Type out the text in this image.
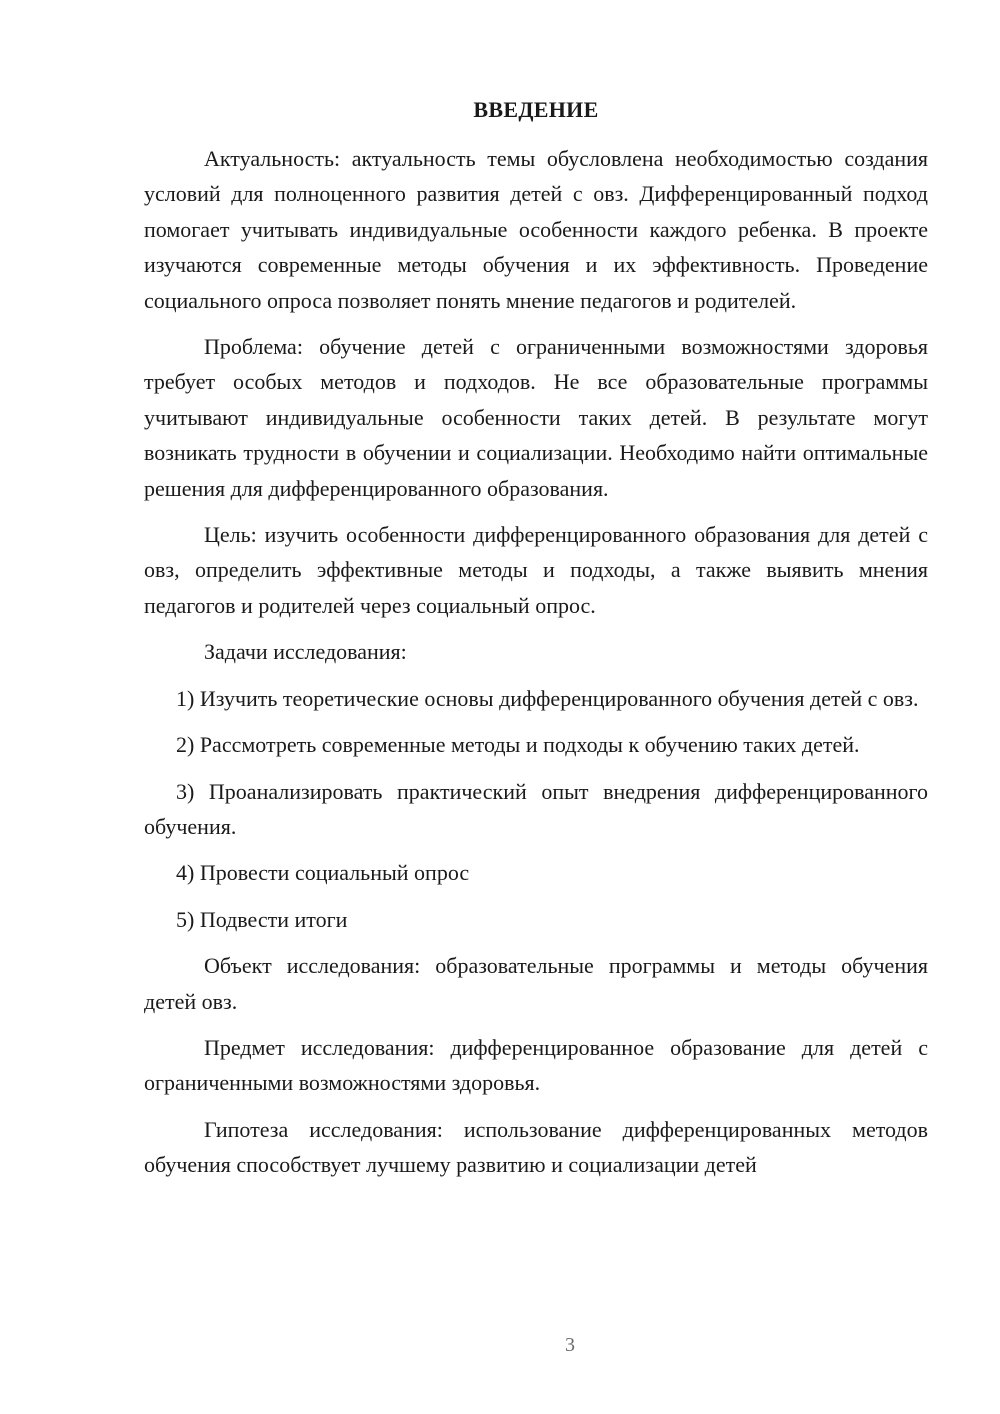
ВВЕДЕНИЕ

Актуальность: актуальность темы обусловлена необходимостью создания условий для полноценного развития детей с овз. Дифференцированный подход помогает учитывать индивидуальные особенности каждого ребенка. В проекте изучаются современные методы обучения и их эффективность. Проведение социального опроса позволяет понять мнение педагогов и родителей.

Проблема: обучение детей с ограниченными возможностями здоровья требует особых методов и подходов. Не все образовательные программы учитывают индивидуальные особенности таких детей. В результате могут возникать трудности в обучении и социализации. Необходимо найти оптимальные решения для дифференцированного образования.

Цель: изучить особенности дифференцированного образования для детей с овз, определить эффективные методы и подходы, а также выявить мнения педагогов и родителей через социальный опрос.

Задачи исследования:

1) Изучить теоретические основы дифференцированного обучения детей с овз.

2) Рассмотреть современные методы и подходы к обучению таких детей.

3) Проанализировать практический опыт внедрения дифференцированного обучения.

4) Провести социальный опрос

5) Подвести итоги

Объект исследования: образовательные программы и методы обучения детей овз.

Предмет исследования: дифференцированное образование для детей с ограниченными возможностями здоровья.

Гипотеза исследования: использование дифференцированных методов обучения способствует лучшему развитию и социализации детей

3
